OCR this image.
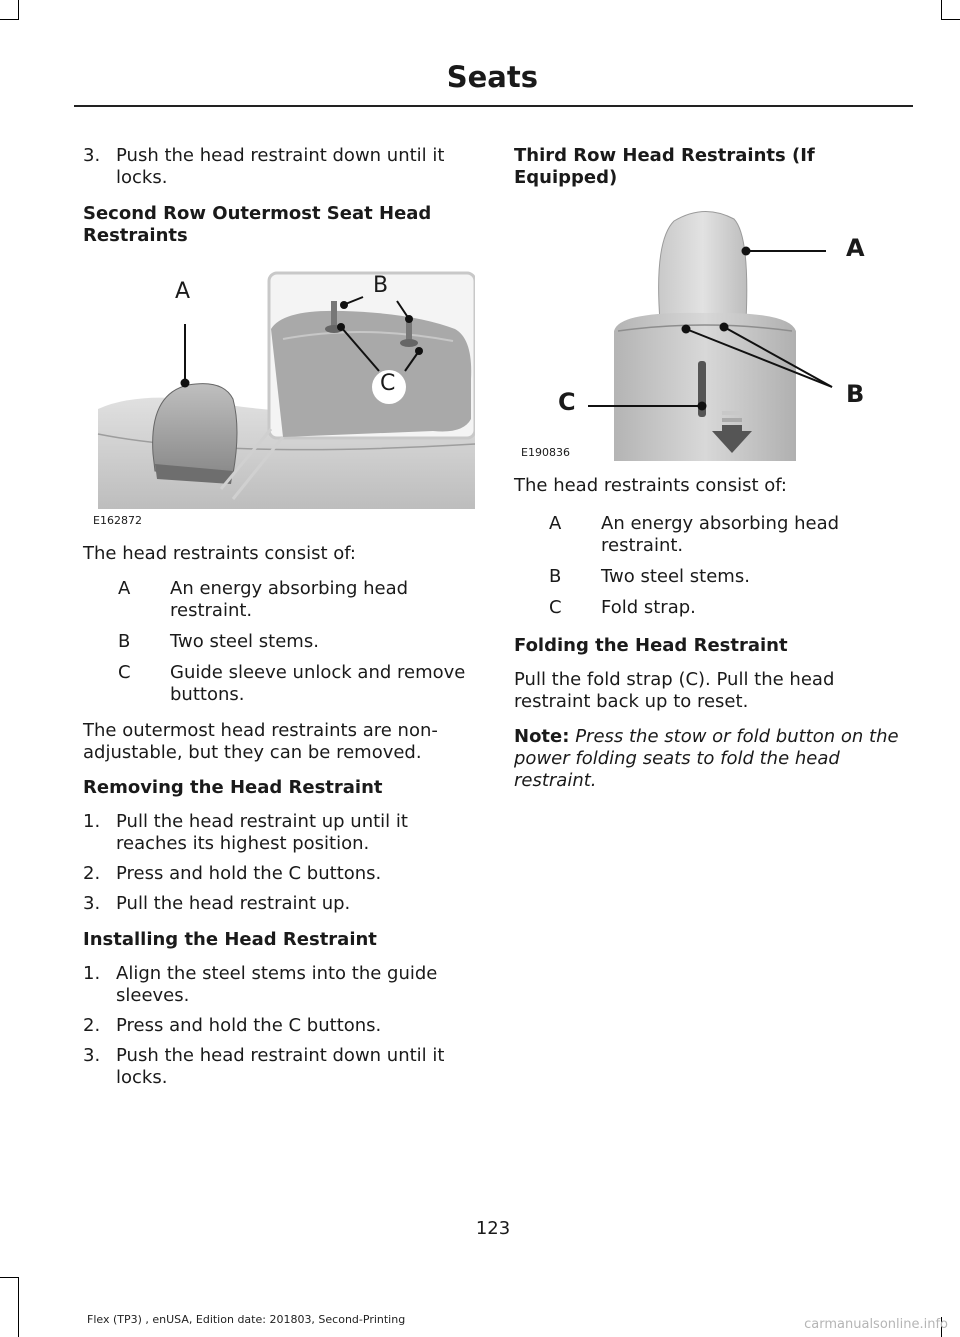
Seats
3. Push the head restraint down until it locks.
Second Row Outermost Seat Head Restraints
A	B
C
E162872

The head restraints consist of:

A	An energy absorbing head restraint.
B	Two steel stems.
C	Guide sleeve unlock and remove buttons.

The outermost head restraints are non-adjustable, but they can be removed.

Removing the Head Restraint
1. Pull the head restraint up until it reaches its highest position.
2. Press and hold the C buttons.
3. Pull the head restraint up.
Installing the Head Restraint
1. Align the steel stems into the guide sleeves.
2. Press and hold the C buttons.
3. Push the head restraint down until it locks.
Third Row Head Restraints (If Equipped)
A
B
C
E190836

The head restraints consist of:

A	An energy absorbing head restraint.
B	Two steel stems.
C	Fold strap.
Folding the Head Restraint

Pull the fold strap (C). Pull the head restraint back up to reset.

Note: Press the stow or fold button on the power folding seats to fold the head restraint.

123
Flex (TP3) , enUSA, Edition date: 201803, Second-Printing	carmanualsonline.info
